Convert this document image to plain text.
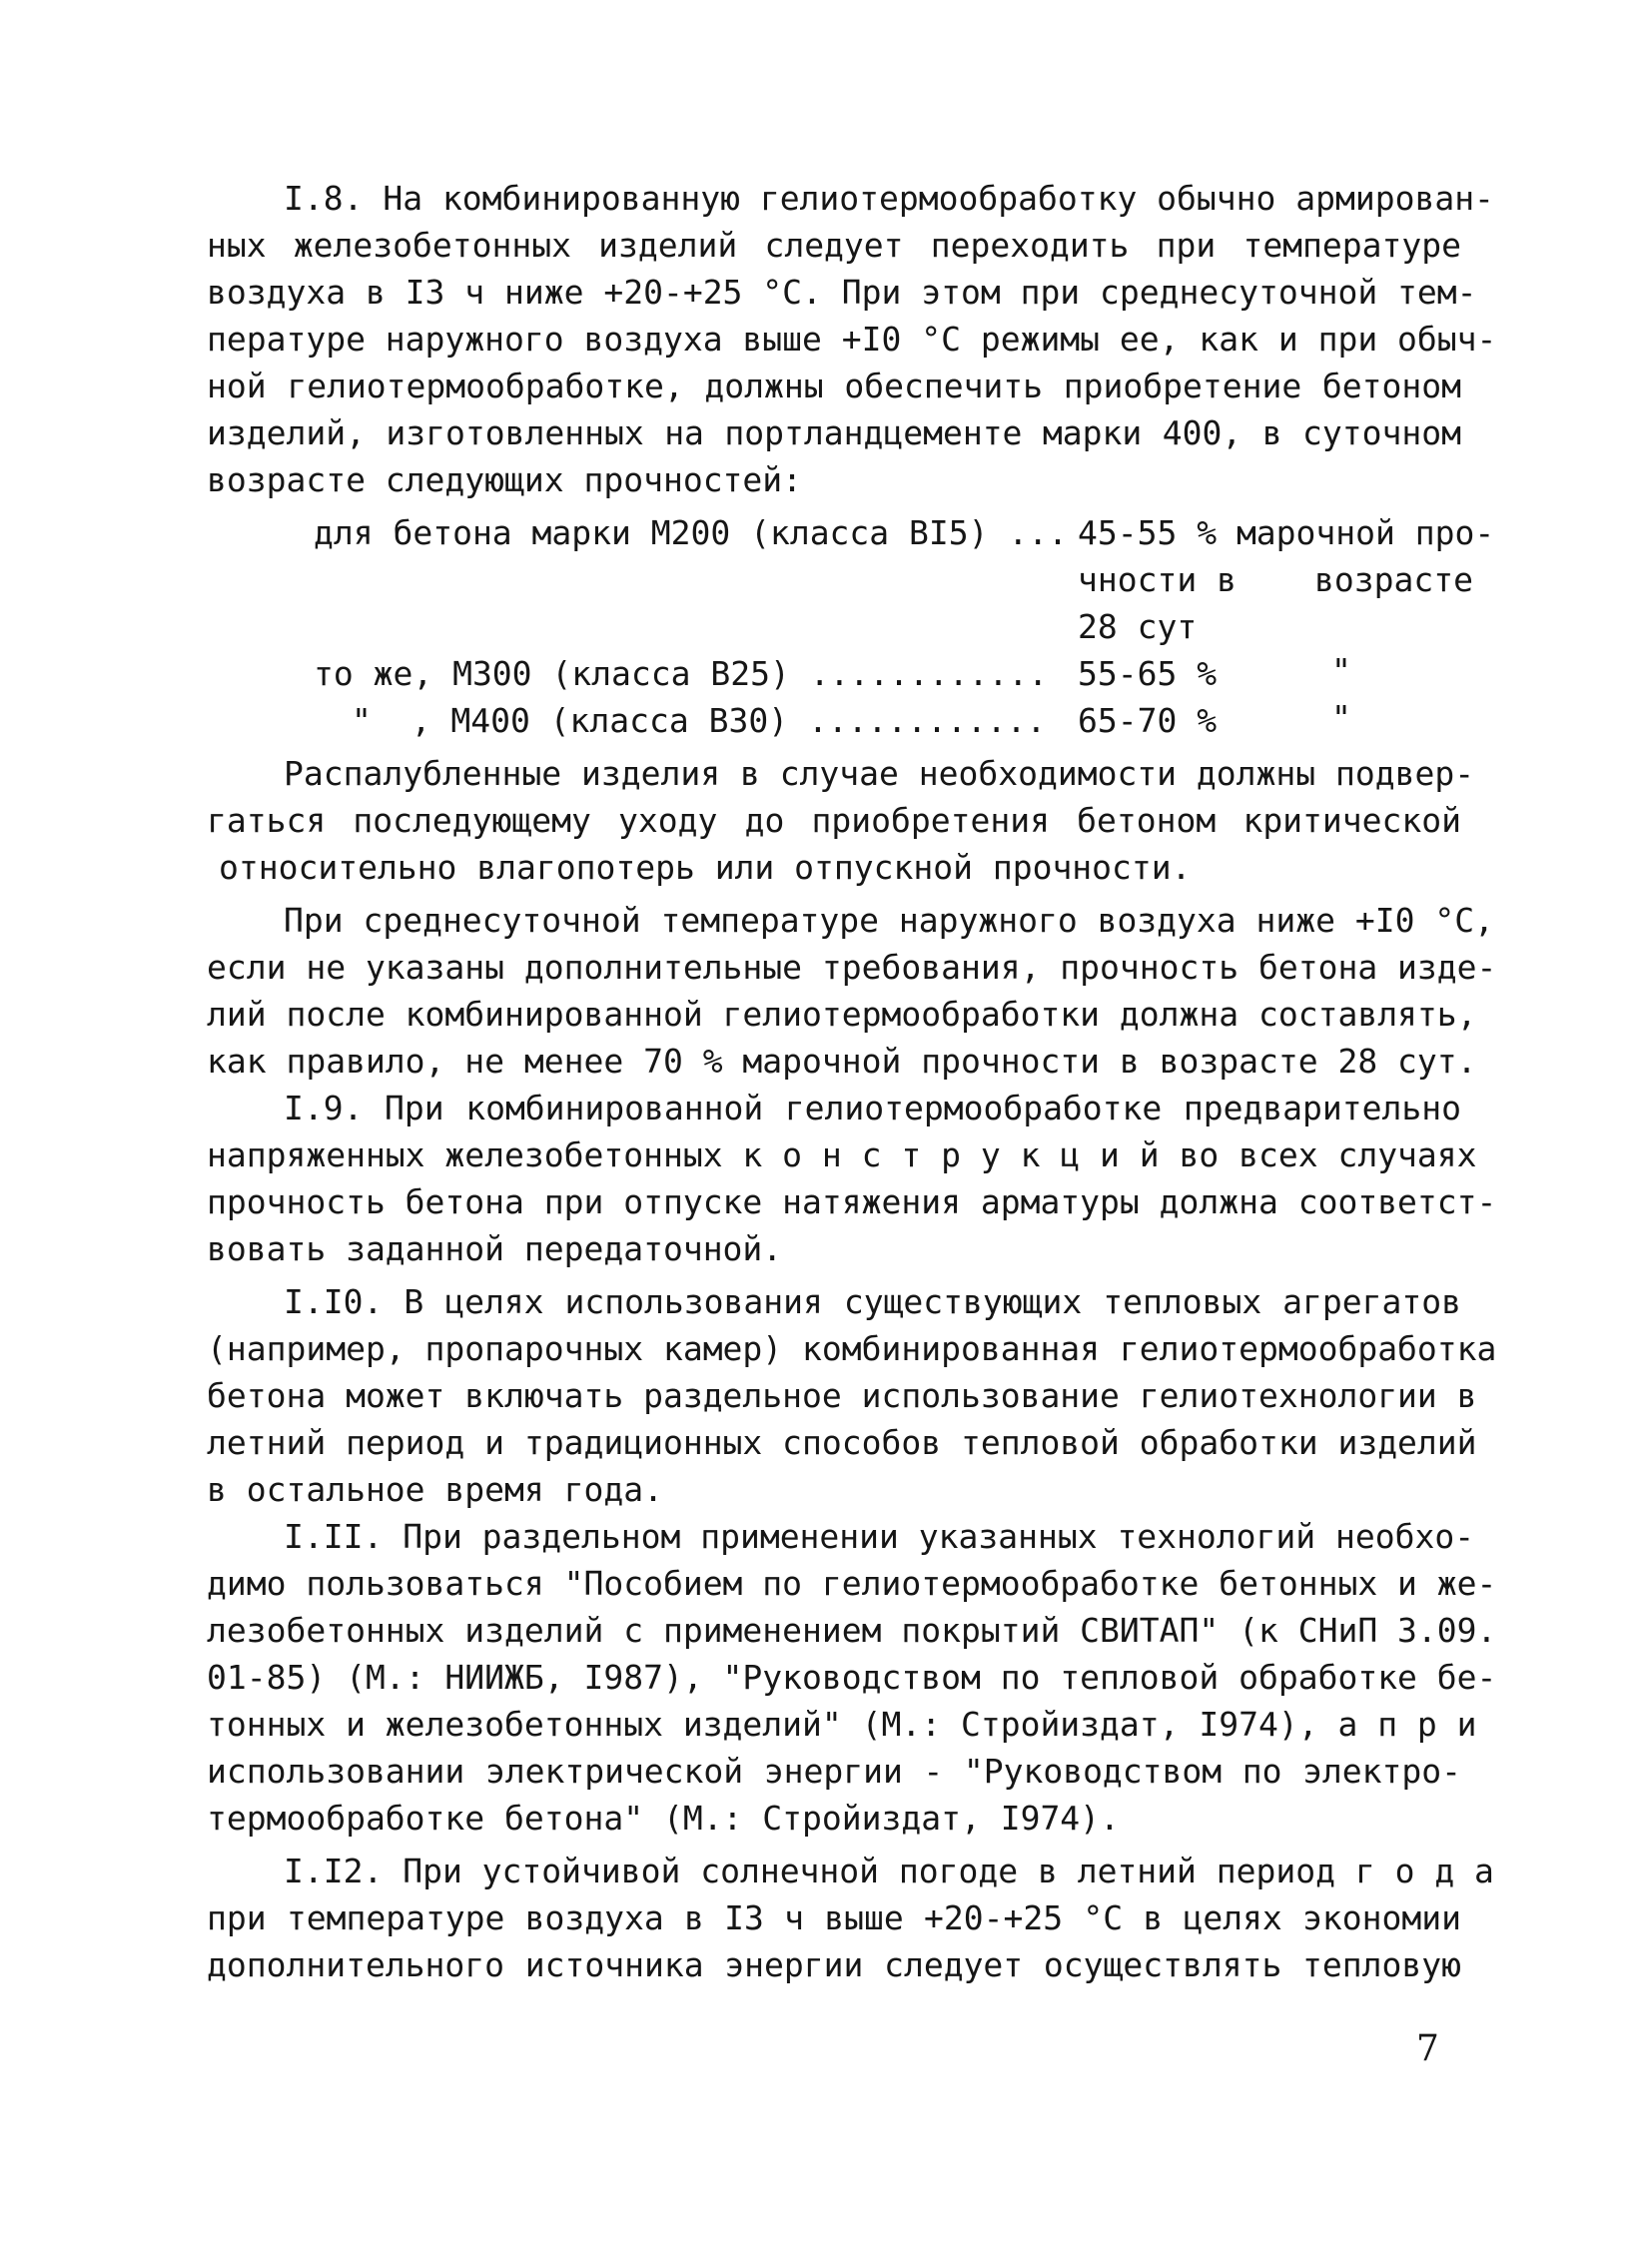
I.8. На комбинированную гелиотермообработку обычно армирован-
ных железобетонных изделий следует переходить при температуре
воздуха в I3 ч ниже +20-+25 °С. При этом при среднесуточной тем-
пературе наружного воздуха выше +I0 °С режимы ее, как и при обыч-
ной гелиотермообработке, должны обеспечить приобретение бетоном
изделий, изготовленных на портландцементе марки 400, в суточном
возрасте следующих прочностей:
для бетона марки М200 (класса BI5) ... 45-55 % марочной про-
чности в возрасте
28 сут
то же, М300 (класса В25) ............ 55-65 %	"
"  , М400 (класса В30) ............ 65-70 %	"
Распалубленные изделия в случае необходимости должны подвер-
гаться последующему уходу до приобретения бетоном критической
относительно влагопотерь или отпускной прочности.
При среднесуточной температуре наружного воздуха ниже +I0 °С,
если не указаны дополнительные требования, прочность бетона изде-
лий после комбинированной гелиотермообработки должна составлять,
как правило, не менее 70 % марочной прочности в возрасте 28 сут.
I.9. При комбинированной гелиотермообработке предварительно
напряженных железобетонных к о н с т р у к ц и й во всех случаях
прочность бетона при отпуске натяжения арматуры должна соответст-
вовать заданной передаточной.
I.I0. В целях использования существующих тепловых агрегатов
(например, пропарочных камер) комбинированная гелиотермообработка
бетона может включать раздельное использование гелиотехнологии в
летний период и традиционных способов тепловой обработки изделий
в остальное время года.
I.II. При раздельном применении указанных технологий необхо-
димо пользоваться "Пособием по гелиотермообработке бетонных и же-
лезобетонных изделий с применением покрытий СВИТАП" (к СНиП 3.09.
01-85) (М.: НИИЖБ, I987), "Руководством по тепловой обработке бе-
тонных и железобетонных изделий" (М.: Стройиздат, I974), а п р и
использовании электрической энергии - "Руководством по электро-
термообработке бетона" (М.: Стройиздат, I974).
I.I2. При устойчивой солнечной погоде в летний период г о д а
при температуре воздуха в I3 ч выше +20-+25 °С в целях экономии
дополнительного источника энергии следует осуществлять тепловую
7
